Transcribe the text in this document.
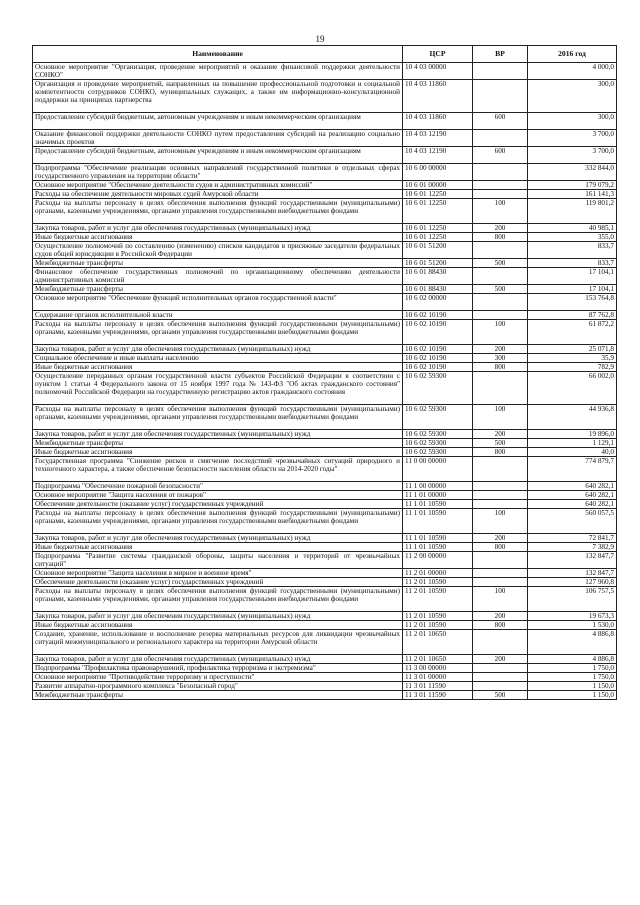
19
Наименование	ЦСР	ВР	2016 год
Основное мероприятие "Организация, проведение мероприятий и оказание финансовой поддержки деятельности СОНКО"	10 4 03 00000		4 000,0
Организация и проведение мероприятий, направленных на повышение профессиональной подготовки и социальной компетентности сотрудников СОНКО, муниципальных служащих, а также им информационно-консультационной поддержки на принципах партнерства	10 4 03 11860		300,0
Предоставление субсидий бюджетным, автономным учреждениям и иным некоммерческим организациям	10 4 03 11860	600	300,0
Оказание финансовой поддержки деятельности СОНКО путем предоставления субсидий на реализацию социально значимых проектов	10 4 03 12190		3 700,0
Предоставление субсидий бюджетным, автономным учреждениям и иным некоммерческим организациям	10 4 03 12190	600	3 700,0
Подпрограмма "Обеспечение реализации основных направлений государственной политики в отдельных сферах государственного управления на территории области"	10 6 00 00000		332 844,0
Основное мероприятие "Обеспечение деятельности судов и административных комиссий"	10 6 01 00000		179 079,2
Расходы на обеспечение деятельности мировых судей Амурской области	10 6 01 12250		161 141,3
Расходы на выплаты персоналу в целях обеспечения выполнения функций государственными (муниципальными) органами, казенными учреждениями, органами управления государственными внебюджетными фондами	10 6 01 12250	100	119 801,2
Закупка товаров, работ и услуг для обеспечения государственных (муниципальных) нужд	10 6 01 12250	200	40 985,1
Иные бюджетные ассигнования	10 6 01 12250	800	355,0
Осуществление полномочий по составлению (изменению) списков кандидатов в присяжные заседатели федеральных судов общей юрисдикции в Российской Федерации	10 6 01 51200		833,7
Межбюджетные трансферты	10 6 01 51200	500	833,7
Финансовое обеспечение государственных полномочий по организационному обеспечению деятельности административных комиссий	10 6 01 88430		17 104,1
Межбюджетные трансферты	10 6 01 88430	500	17 104,1
Основное мероприятие "Обеспечение функций исполнительных органов государственной власти"	10 6 02 00000		153 764,8
Содержание органов исполнительной власти	10 6 02 10190		87 762,8
Расходы на выплаты персоналу в целях обеспечения выполнения функций государственными (муниципальными) органами, казенными учреждениями, органами управления государственными внебюджетными фондами	10 6 02 10190	100	61 872,2
Закупка товаров, работ и услуг для обеспечения государственных (муниципальных) нужд	10 6 02 10190	200	25 071,8
Социальное обеспечение и иные выплаты населению	10 6 02 10190	300	35,9
Иные бюджетные ассигнования	10 6 02 10190	800	782,9
Осуществление переданных органам государственной власти субъектов Российской Федерации в соответствии с пунктом 1 статьи 4 Федерального закона от 15 ноября 1997 года № 143-ФЗ "Об актах гражданского состояния" полномочий Российской Федерации на государственную регистрацию актов гражданского состояния	10 6 02 59300		66 002,0
Расходы на выплаты персоналу в целях обеспечения выполнения функций государственными (муниципальными) органами, казенными учреждениями, органами управления государственными внебюджетными фондами	10 6 02 59300	100	44 936,8
Закупка товаров, работ и услуг для обеспечения государственных (муниципальных) нужд	10 6 02 59300	200	19 896,0
Межбюджетные трансферты	10 6 02 59300	500	1 129,1
Иные бюджетные ассигнования	10 6 02 59300	800	40,0
Государственная программа "Снижение рисков и смягчение последствий чрезвычайных ситуаций природного и техногенного характера, а также обеспечение безопасности населения области на 2014-2020 годы"	11 0 00 00000		774 879,7
Подпрограмма "Обеспечение пожарной безопасности"	11 1 00 00000		640 282,1
Основное мероприятие "Защита населения от пожаров"	11 1 01 00000		640 282,1
Обеспечение деятельности (оказание услуг) государственных учреждений	11 1 01 10590		640 282,1
Расходы на выплаты персоналу в целях обеспечения выполнения функций государственными (муниципальными) органами, казенными учреждениями, органами управления государственными внебюджетными фондами	11 1 01 10590	100	560 057,5
Закупка товаров, работ и услуг для обеспечения государственных (муниципальных) нужд	11 1 01 10590	200	72 841,7
Иные бюджетные ассигнования	11 1 01 10590	800	7 382,9
Подпрограмма "Развитие системы гражданской обороны, защиты населения и территорий от чрезвычайных ситуаций"	11 2 00 00000		132 847,7
Основное мероприятие "Защита населения в мирное и военное время"	11 2 01 00000		132 847,7
Обеспечение деятельности (оказание услуг) государственных учреждений	11 2 01 10590		127 960,8
Расходы на выплаты персоналу в целях обеспечения выполнения функций государственными (муниципальными) органами, казенными учреждениями, органами управления государственными внебюджетными фондами	11 2 01 10590	100	106 757,5
Закупка товаров, работ и услуг для обеспечения государственных (муниципальных) нужд	11 2 01 10590	200	19 673,3
Иные бюджетные ассигнования	11 2 01 10590	800	1 530,0
Создание, хранение, использование и восполнение резерва материальных ресурсов для ликвидации чрезвычайных ситуаций межмуниципального и регионального характера на территории Амурской области	11 2 01 10650		4 886,8
Закупка товаров, работ и услуг для обеспечения государственных (муниципальных) нужд	11 2 01 10650	200	4 886,8
Подпрограмма "Профилактика правонарушений, профилактика терроризма и экстремизма"	11 3 00 00000		1 750,0
Основное мероприятие "Противодействие терроризму и преступности"	11 3 01 00000		1 750,0
Развитие аппаратно-программного комплекса "Безопасный город"	11 3 01 11590		1 150,0
Межбюджетные трансферты	11 3 01 11590	500	1 150,0
